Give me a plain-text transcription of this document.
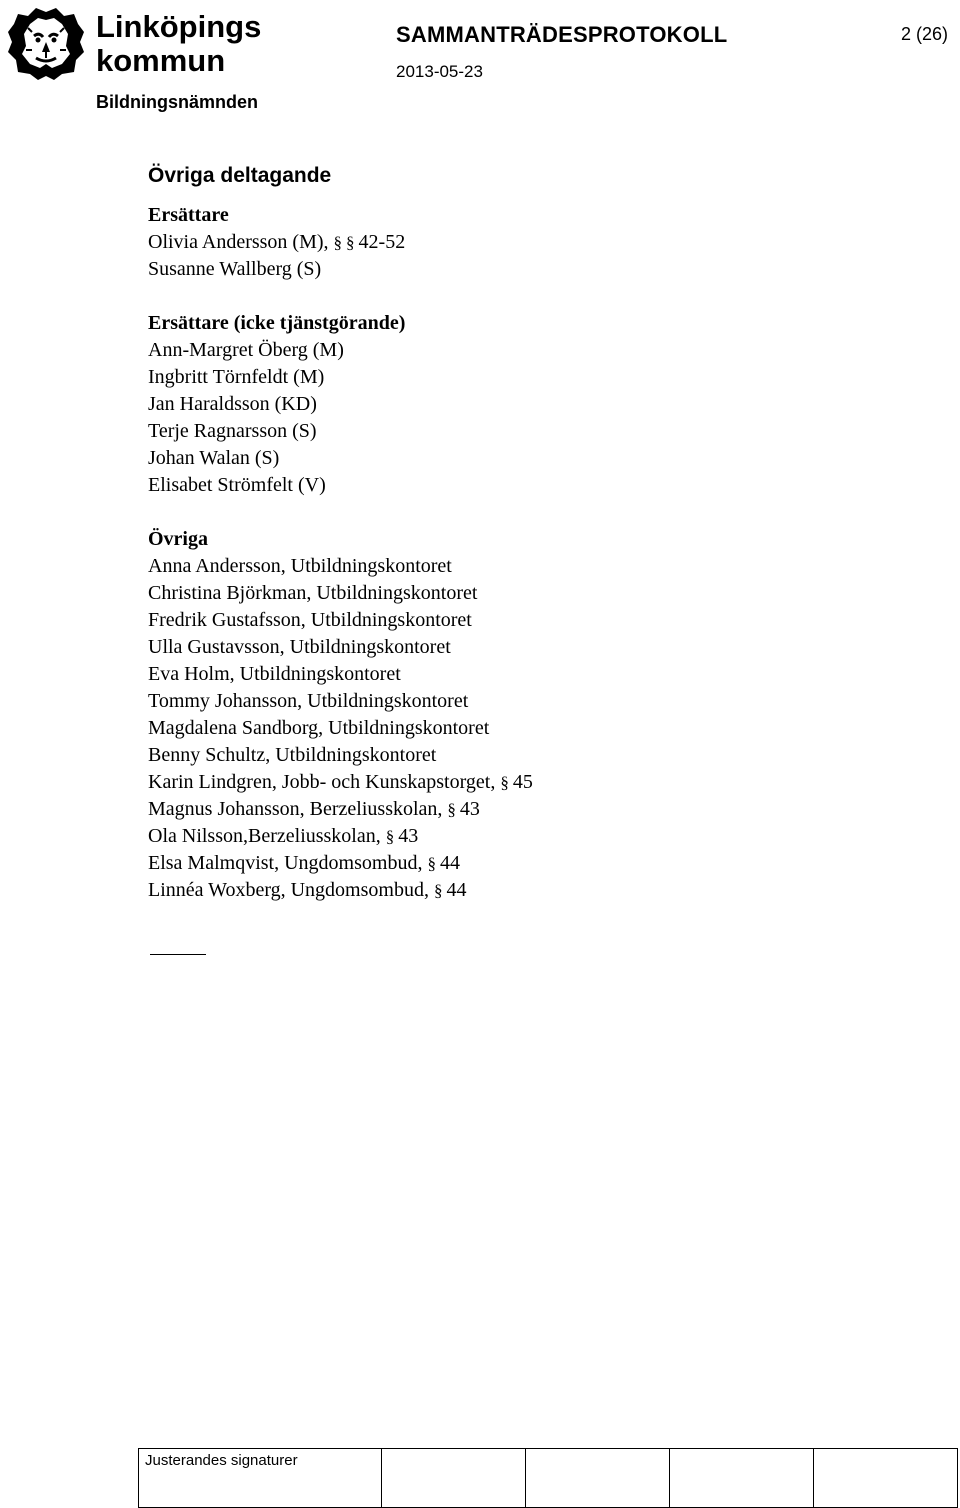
Linköpings
kommun
Bildningsnämnden
SAMMANTRÄDESPROTOKOLL
2013-05-23
2 (26)
Övriga deltagande
Ersättare
Olivia Andersson (M), § § 42-52
Susanne Wallberg (S)
Ersättare (icke tjänstgörande)
Ann-Margret Öberg (M)
Ingbritt Törnfeldt (M)
Jan Haraldsson (KD)
Terje Ragnarsson (S)
Johan Walan (S)
Elisabet Strömfelt (V)
Övriga
Anna Andersson, Utbildningskontoret
Christina Björkman, Utbildningskontoret
Fredrik Gustafsson, Utbildningskontoret
Ulla Gustavsson, Utbildningskontoret
Eva Holm, Utbildningskontoret
Tommy Johansson, Utbildningskontoret
Magdalena Sandborg, Utbildningskontoret
Benny Schultz, Utbildningskontoret
Karin Lindgren, Jobb- och Kunskapstorget, § 45
Magnus Johansson, Berzeliusskolan, § 43
Ola Nilsson,Berzeliusskolan, § 43
Elsa Malmqvist, Ungdomsombud, § 44
Linnéa Woxberg, Ungdomsombud, § 44
Justerandes signaturer				
